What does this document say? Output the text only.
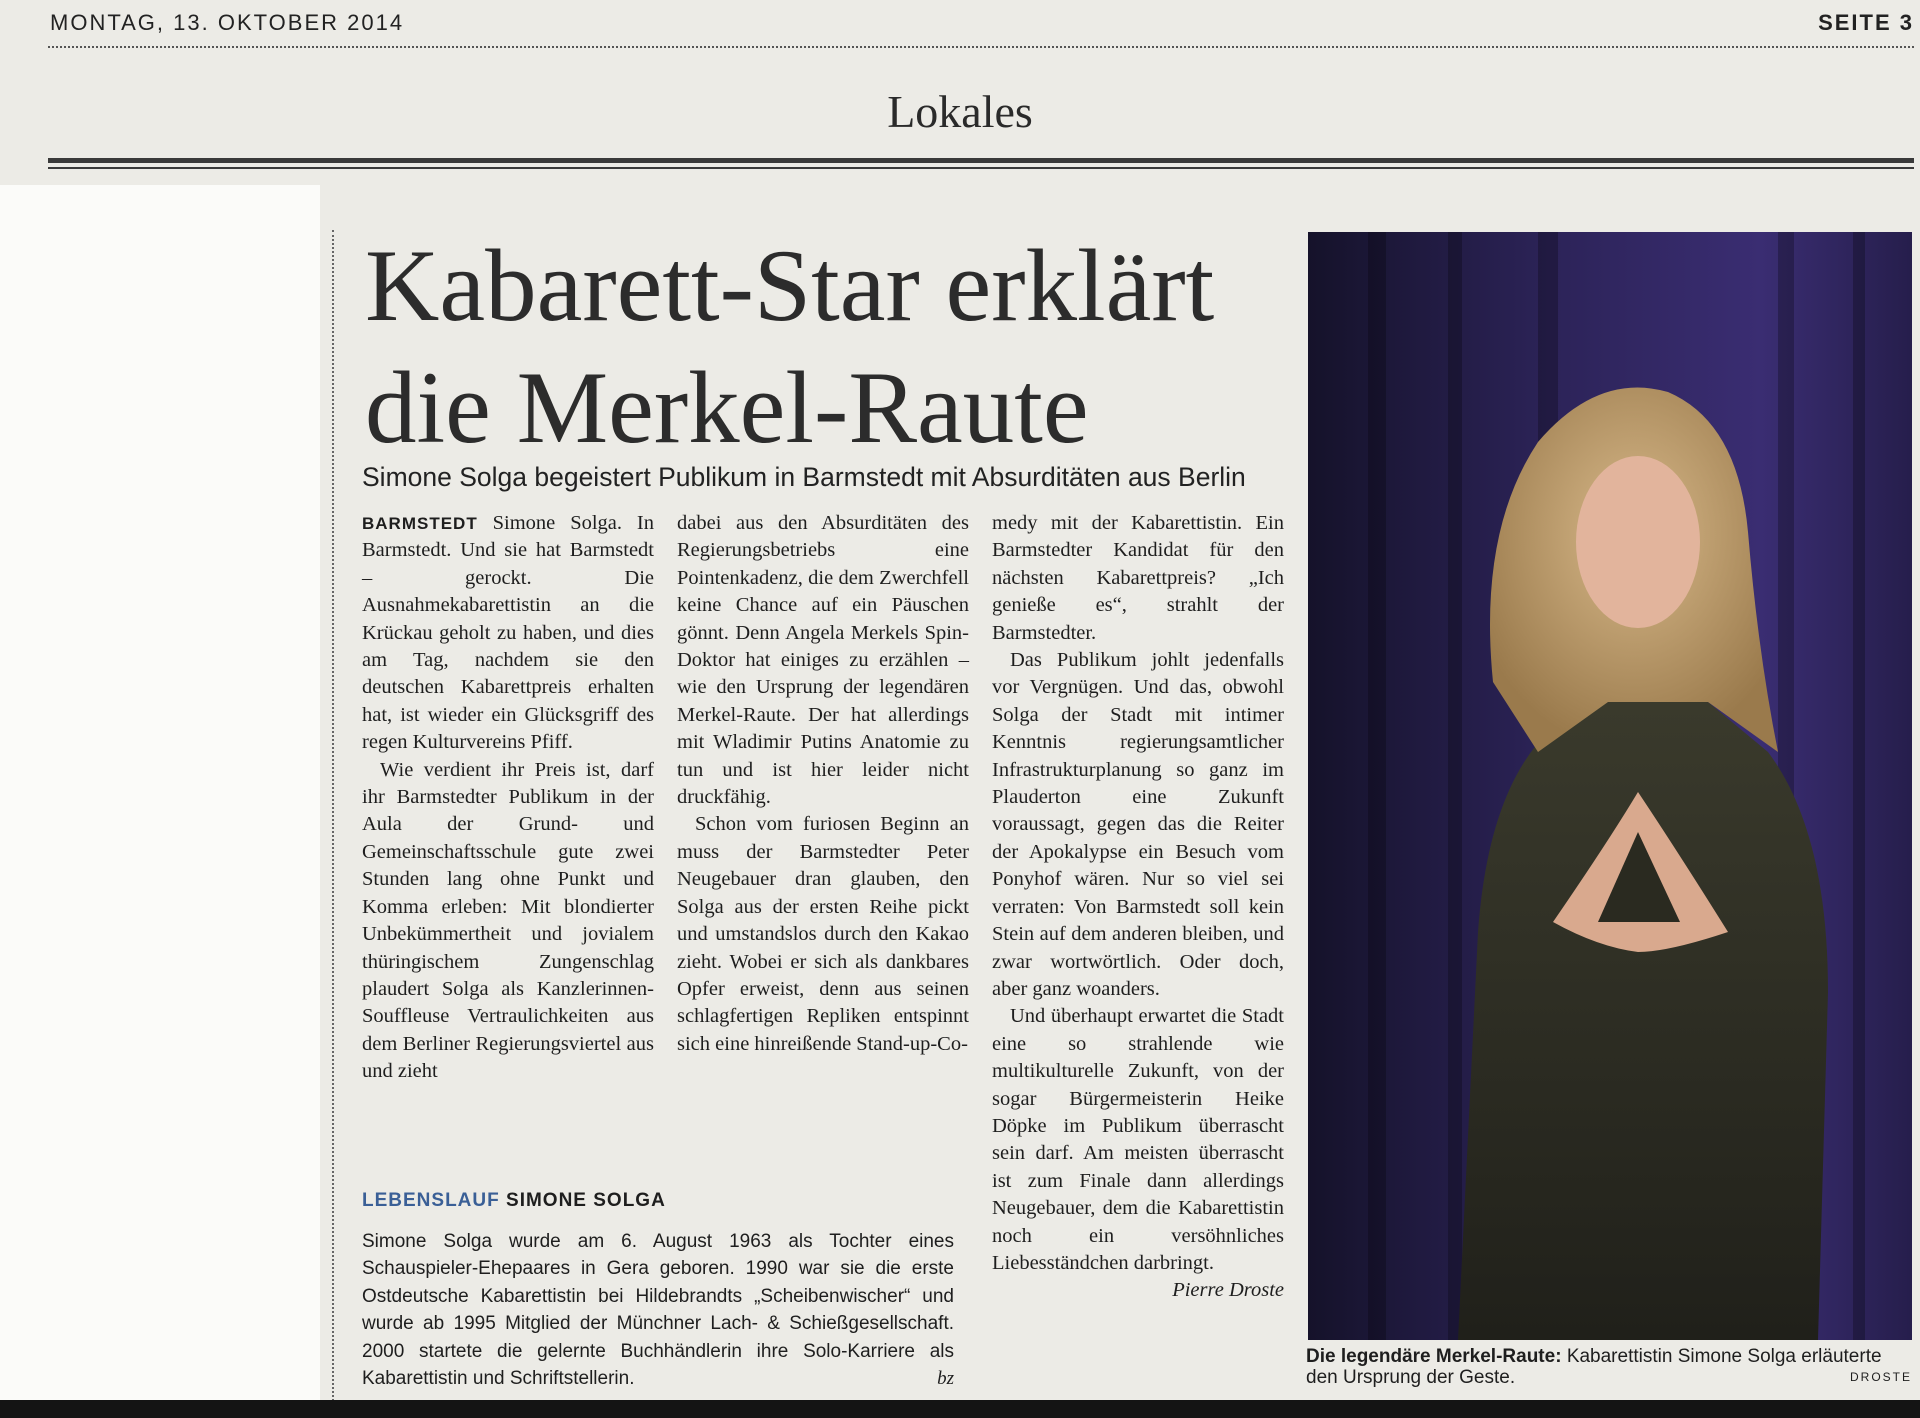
MONTAG, 13. OKTOBER 2014	SEITE 3
Lokales
Kabarett-Star erklärt
die Merkel-Raute
Simone Solga begeistert Publikum in Barmstedt mit Absurditäten aus Berlin

BARMSTEDT Simone Solga. In Barmstedt. Und sie hat Barmstedt – gerockt. Die Ausnahmekabarettistin an die Krückau geholt zu haben, und dies am Tag, nachdem sie den deutschen Kabarettpreis erhalten hat, ist wieder ein Glücksgriff des regen Kulturvereins Pfiff.

Wie verdient ihr Preis ist, darf ihr Barmstedter Publikum in der Aula der Grund- und Gemeinschaftsschule gute zwei Stunden lang ohne Punkt und Komma erleben: Mit blondierter Unbekümmertheit und jovialem thüringischem Zungenschlag plaudert Solga als Kanzlerinnen-Souffleuse Vertraulichkeiten aus dem Berliner Regierungsviertel aus und zieht

dabei aus den Absurditäten des Regierungsbetriebs eine Pointenkadenz, die dem Zwerchfell keine Chance auf ein Päuschen gönnt. Denn Angela Merkels Spin-Doktor hat einiges zu erzählen – wie den Ursprung der legendären Merkel-Raute. Der hat allerdings mit Wladimir Putins Anatomie zu tun und ist hier leider nicht druckfähig.

Schon vom furiosen Beginn an muss der Barmstedter Peter Neugebauer dran glauben, den Solga aus der ersten Reihe pickt und umstandslos durch den Kakao zieht. Wobei er sich als dankbares Opfer erweist, denn aus seinen schlagfertigen Repliken entspinnt sich eine hinreißende Stand-up-Co-

medy mit der Kabarettistin. Ein Barmstedter Kandidat für den nächsten Kabarettpreis? „Ich genieße es“, strahlt der Barmstedter.

Das Publikum johlt jedenfalls vor Vergnügen. Und das, obwohl Solga der Stadt mit intimer Kenntnis regierungsamtlicher Infrastrukturplanung so ganz im Plauderton eine Zukunft voraussagt, gegen das die Reiter der Apokalypse ein Besuch vom Ponyhof wären. Nur so viel sei verraten: Von Barmstedt soll kein Stein auf dem anderen bleiben, und zwar wortwörtlich. Oder doch, aber ganz woanders.

Und überhaupt erwartet die Stadt eine so strahlende wie multikulturelle Zukunft, von der sogar Bürgermeisterin Heike Döpke im Publikum überrascht sein darf. Am meisten überrascht ist zum Finale dann allerdings Neugebauer, dem die Kabarettistin noch ein versöhnliches Liebesständchen darbringt.

Pierre Droste
LEBENSLAUF SIMONE SOLGA
Simone Solga wurde am 6. August 1963 als Tochter eines Schauspieler-Ehepaares in Gera geboren. 1990 war sie die erste Ostdeutsche Kabarettistin bei Hildebrandts „Scheibenwischer“ und wurde ab 1995 Mitglied der Münchner Lach- & Schießgesellschaft. 2000 startete die gelernte Buchhändlerin ihre Solo-Karriere als Kabarettistin und Schriftstellerin.	bz
Die legendäre Merkel-Raute: Kabarettistin Simone Solga erläuterte den Ursprung der Geste.	DROSTE
